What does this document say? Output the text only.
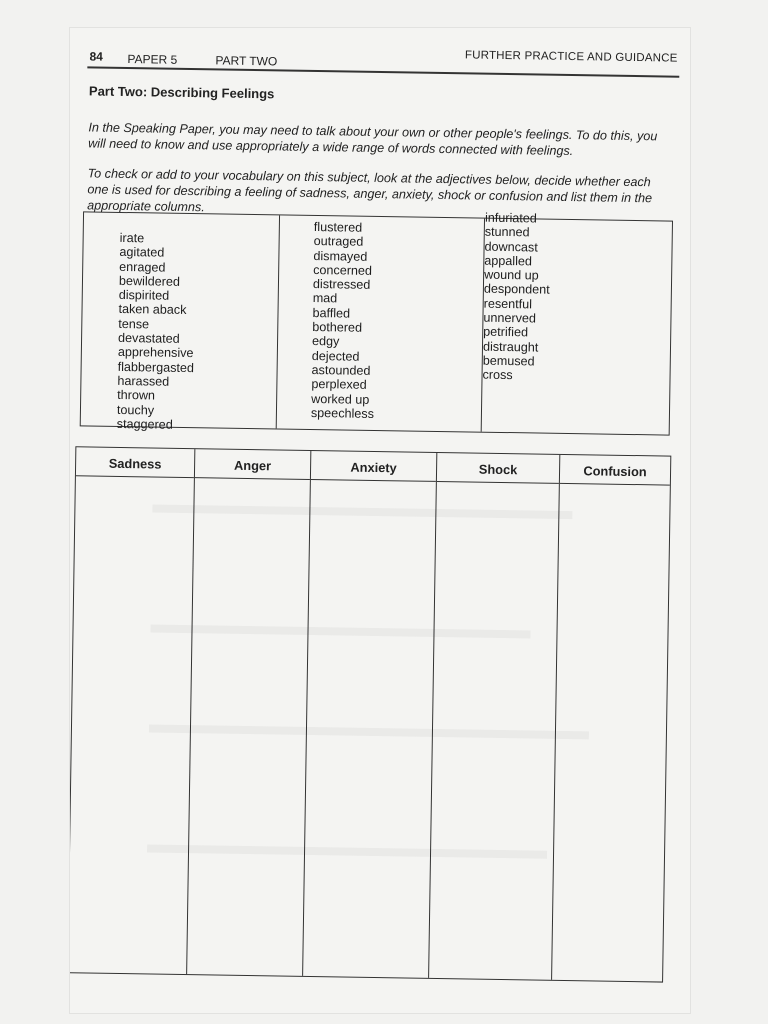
84 PAPER 5	PART TWO	FURTHER PRACTICE AND GUIDANCE
Part Two: Describing Feelings

In the Speaking Paper, you may need to talk about your own or other people's feelings. To do this, you will need to know and use appropriately a wide range of words connected with feelings.

To check or add to your vocabulary on this subject, look at the adjectives below, decide whether each one is used for describing a feeling of sadness, anger, anxiety, shock or confusion and list them in the appropriate columns.

irate
agitated
enraged
bewildered
dispirited
taken aback
tense
devastated
apprehensive
flabbergasted
harassed
thrown
touchy
staggered
flustered
outraged
dismayed
concerned
distressed
mad
baffled
bothered
edgy
dejected
astounded
perplexed
worked up
speechless
infuriated
stunned
downcast
appalled
wound up
despondent
resentful
unnerved
petrified
distraught
bemused
cross
Sadness	Anger	Anxiety	Shock	Confusion
